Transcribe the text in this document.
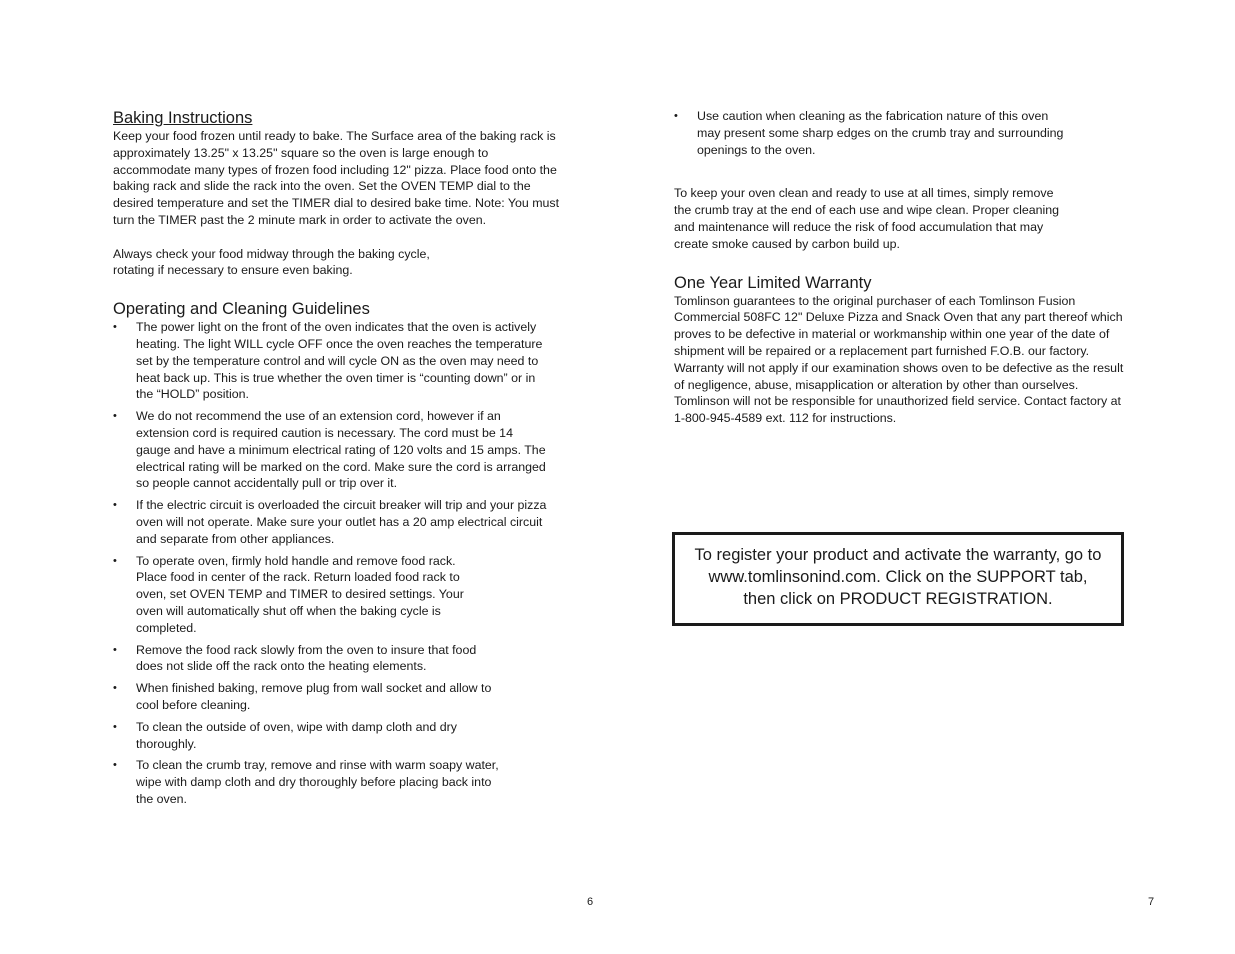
Baking Instructions

Keep your food frozen until ready to bake. The Surface area of the baking rack is approximately 13.25" x 13.25" square so the oven is large enough to accommodate many types of frozen food including 12" pizza. Place food onto the baking rack and slide the rack into the oven. Set the OVEN TEMP dial to the desired temperature and set the TIMER dial to desired bake time. Note: You must turn the TIMER past the 2 minute mark in order to activate the oven.

Always check your food midway through the baking cycle, rotating if necessary to ensure even baking.

Operating and Cleaning Guidelines
•	The power light on the front of the oven indicates that the oven is actively heating. The light WILL cycle OFF once the oven reaches the temperature set by the temperature control and will cycle ON as the oven may need to heat back up. This is true whether the oven timer is “counting down” or in the “HOLD” position.
•	We do not recommend the use of an extension cord, however if an extension cord is required caution is necessary. The cord must be 14 gauge and have a minimum electrical rating of 120 volts and 15 amps. The electrical rating will be marked on the cord. Make sure the cord is arranged so people cannot accidentally pull or trip over it.
•	If the electric circuit is overloaded the circuit breaker will trip and your pizza oven will not operate. Make sure your outlet has a 20 amp electrical circuit and separate from other appliances.
•	To operate oven, firmly hold handle and remove food rack. Place food in center of the rack. Return loaded food rack to oven, set OVEN TEMP and TIMER to desired settings. Your oven will automatically shut off when the baking cycle is completed.
•	Remove the food rack slowly from the oven to insure that food does not slide off the rack onto the heating elements.
•	When finished baking, remove plug from wall socket and allow to cool before cleaning.
•	To clean the outside of oven, wipe with damp cloth and dry thoroughly.
•	To clean the crumb tray, remove and rinse with warm soapy water, wipe with damp cloth and dry thoroughly before placing back into the oven.
6
•	Use caution when cleaning as the fabrication nature of this oven may present some sharp edges on the crumb tray and surrounding openings to the oven.

To keep your oven clean and ready to use at all times, simply remove the crumb tray at the end of each use and wipe clean. Proper cleaning and maintenance will reduce the risk of food accumulation that may create smoke caused by carbon build up.

One Year Limited Warranty

Tomlinson guarantees to the original purchaser of each Tomlinson Fusion Commercial 508FC 12" Deluxe Pizza and Snack Oven that any part thereof which proves to be defective in material or workmanship within one year of the date of shipment will be repaired or a replacement part furnished F.O.B. our factory. Warranty will not apply if our examination shows oven to be defective as the result of negligence, abuse, misapplication or alteration by other than ourselves. Tomlinson will not be responsible for unauthorized field service. Contact factory at 1-800-945-4589 ext. 112 for instructions.

To register your product and activate the warranty, go to
www.tomlinsonind.com. Click on the SUPPORT tab,
then click on PRODUCT REGISTRATION.
7
